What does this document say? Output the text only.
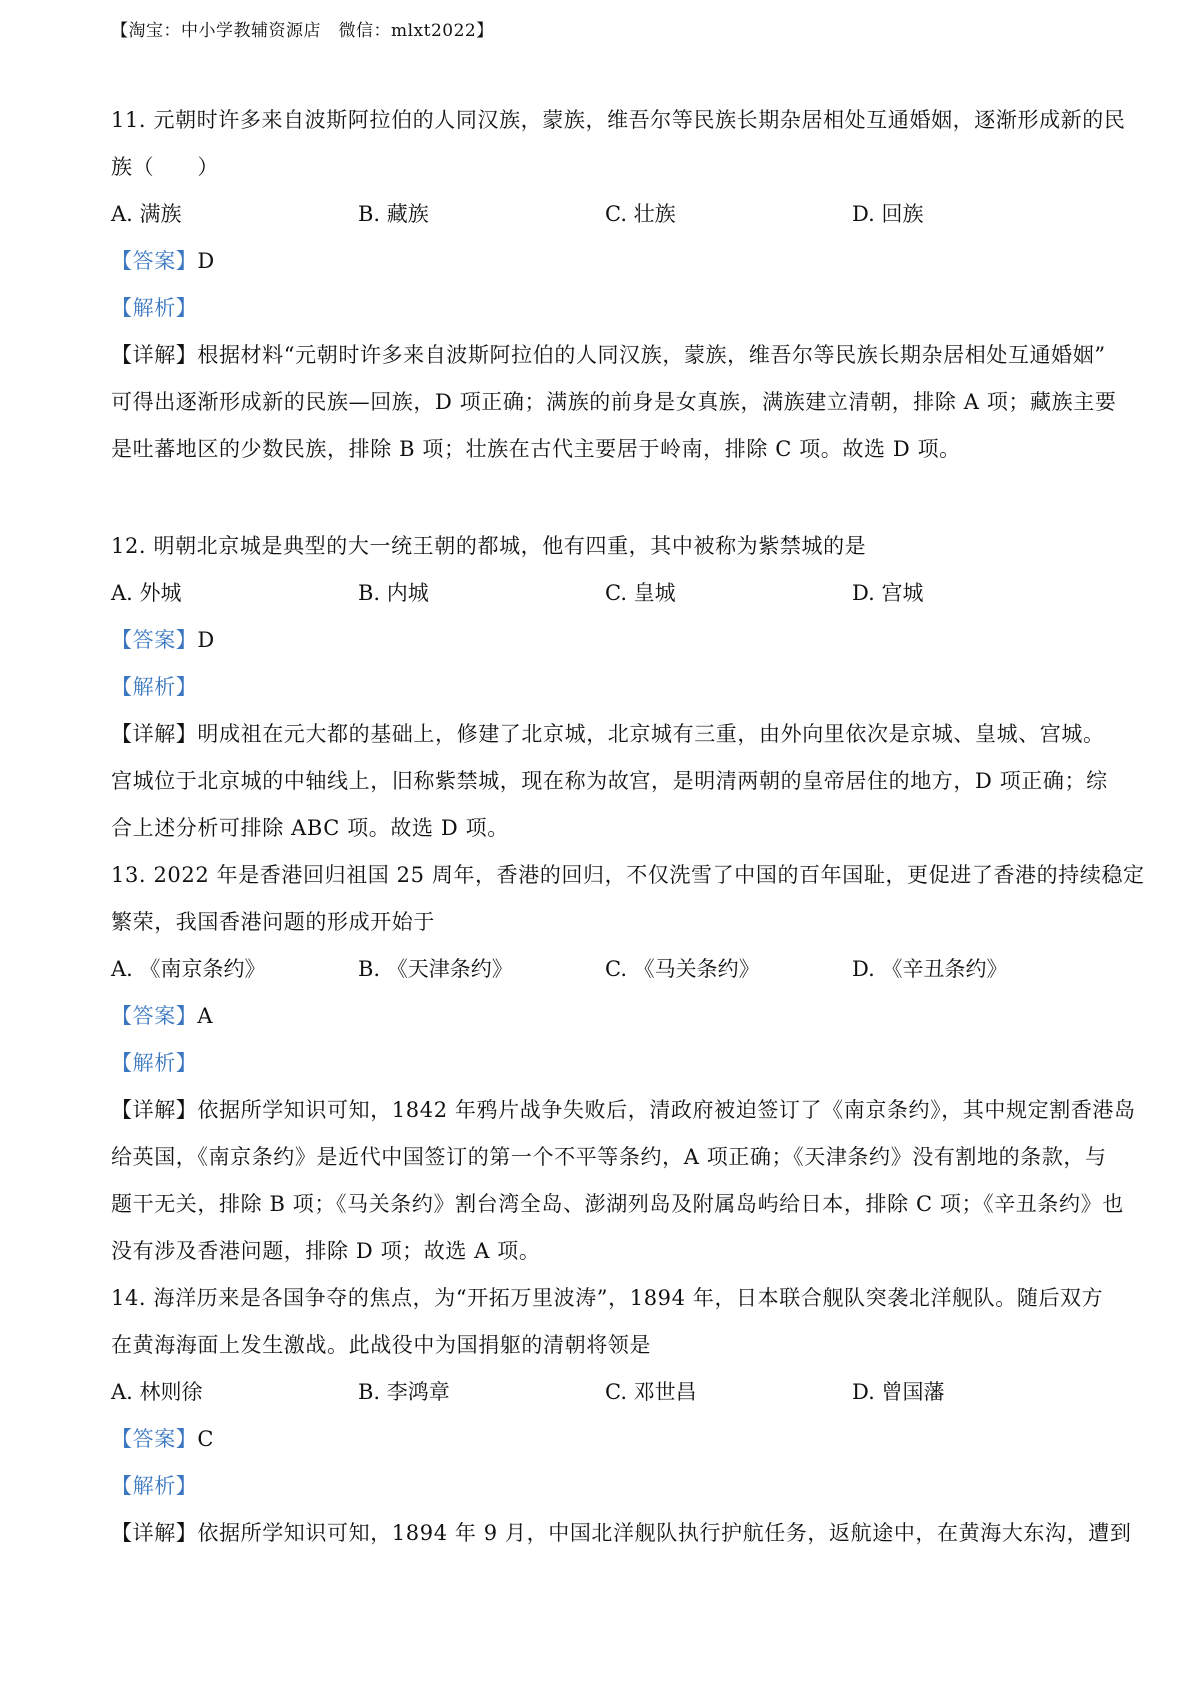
【淘宝：中小学教辅资源店　微信：mlxt2022】
11. 元朝时许多来自波斯阿拉伯的人同汉族，蒙族，维吾尔等民族长期杂居相处互通婚姻，逐渐形成新的民
族（　　）
A. 满族	B. 藏族	C. 壮族	D. 回族
【答案】D
【解析】
【详解】根据材料“元朝时许多来自波斯阿拉伯的人同汉族，蒙族，维吾尔等民族长期杂居相处互通婚姻”
可得出逐渐形成新的民族—回族，D 项正确；满族的前身是女真族，满族建立清朝，排除 A 项；藏族主要
是吐蕃地区的少数民族，排除 B 项；壮族在古代主要居于岭南，排除 C 项。故选 D 项。
12. 明朝北京城是典型的大一统王朝的都城，他有四重，其中被称为紫禁城的是
A. 外城	B. 内城	C. 皇城	D. 宫城
【答案】D
【解析】
【详解】明成祖在元大都的基础上，修建了北京城，北京城有三重，由外向里依次是京城、皇城、宫城。
宫城位于北京城的中轴线上，旧称紫禁城，现在称为故宫，是明清两朝的皇帝居住的地方，D 项正确；综
合上述分析可排除 ABC 项。故选 D 项。
13. 2022 年是香港回归祖国 25 周年，香港的回归，不仅洗雪了中国的百年国耻，更促进了香港的持续稳定
繁荣，我国香港问题的形成开始于
A. 《南京条约》	B. 《天津条约》	C. 《马关条约》	D. 《辛丑条约》
【答案】A
【解析】
【详解】依据所学知识可知，1842 年鸦片战争失败后，清政府被迫签订了《南京条约》，其中规定割香港岛
给英国，《南京条约》是近代中国签订的第一个不平等条约，A 项正确；《天津条约》没有割地的条款，与
题干无关，排除 B 项；《马关条约》割台湾全岛、澎湖列岛及附属岛屿给日本，排除 C 项；《辛丑条约》也
没有涉及香港问题，排除 D 项；故选 A 项。
14. 海洋历来是各国争夺的焦点，为“开拓万里波涛”，1894 年，日本联合舰队突袭北洋舰队。随后双方
在黄海海面上发生激战。此战役中为国捐躯的清朝将领是
A. 林则徐	B. 李鸿章	C. 邓世昌	D. 曾国藩
【答案】C
【解析】
【详解】依据所学知识可知，1894 年 9 月，中国北洋舰队执行护航任务，返航途中，在黄海大东沟，遭到
